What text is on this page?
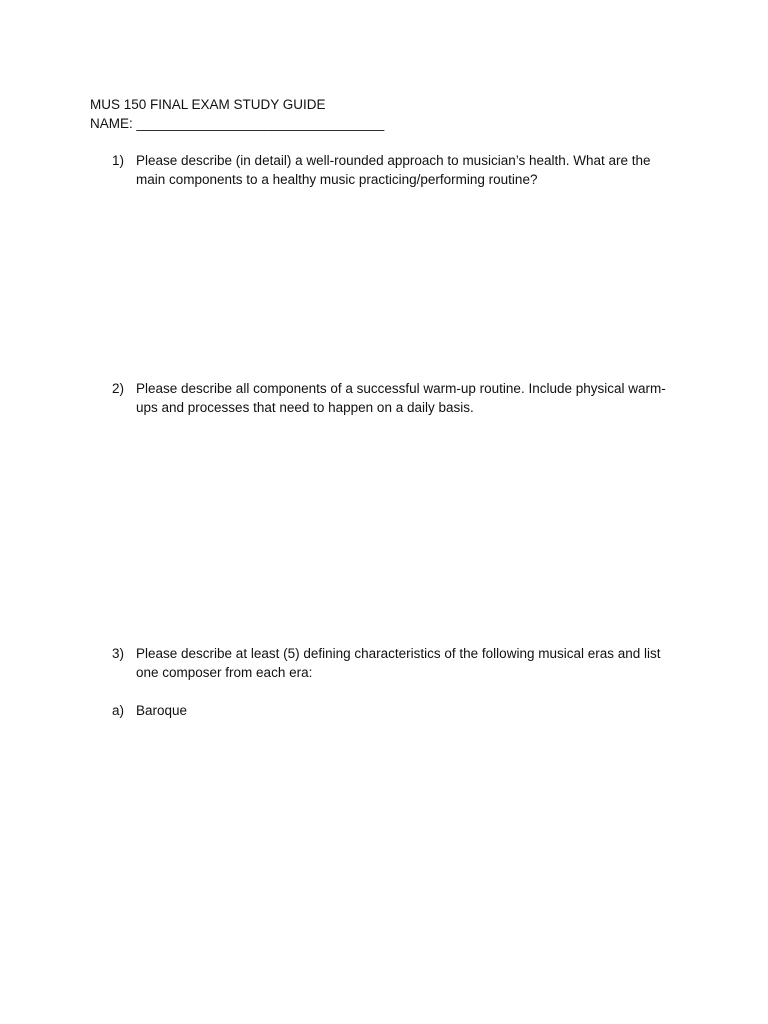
MUS 150 FINAL EXAM STUDY GUIDE
NAME: _________________________________
1) Please describe (in detail) a well-rounded approach to musician’s health. What are the main components to a healthy music practicing/performing routine?
2) Please describe all components of a successful warm-up routine. Include physical warm-ups and processes that need to happen on a daily basis.
3) Please describe at least (5) defining characteristics of the following musical eras and list one composer from each era:
a) Baroque
